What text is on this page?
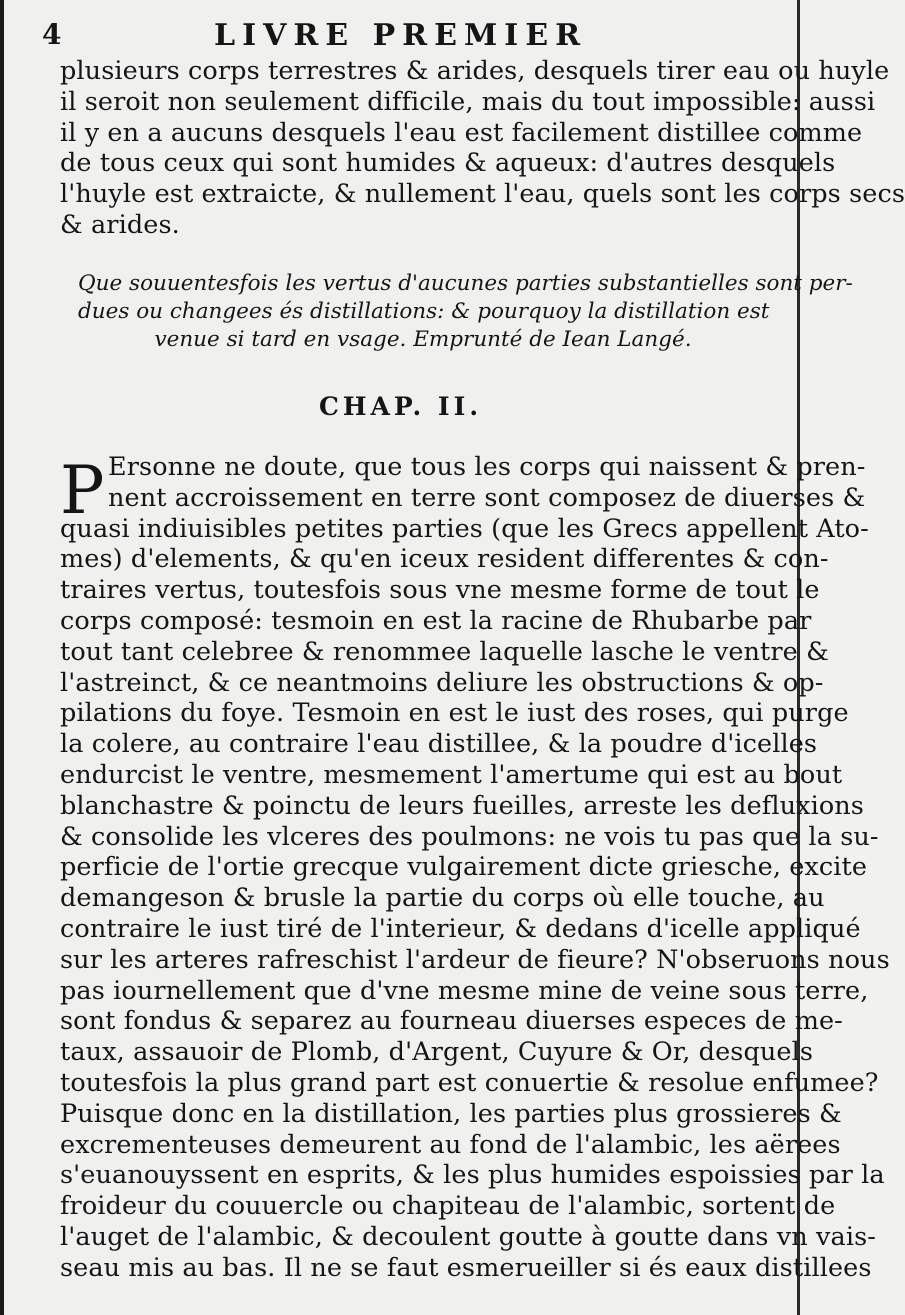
4	LIVRE PREMIER
plusieurs corps terrestres & arides, desquels tirer eau ou huyle
il seroit non seulement difficile, mais du tout impossible: aussi
il y en a aucuns desquels l'eau est facilement distillee comme
de tous ceux qui sont humides & aqueux: d'autres desquels
l'huyle est extraicte, & nullement l'eau, quels sont les corps secs
& arides.
Que souuentesfois les vertus d'aucunes parties substantielles sont per-
dues ou changees és distillations: & pourquoy la distillation est
venue si tard en vsage. Emprunté de Iean Langé.
CHAP. II.
P Ersonne ne doute, que tous les corps qui naissent & pren-
nent accroissement en terre sont composez de diuerses &
quasi indiuisibles petites parties (que les Grecs appellent Ato-
mes) d'elements, & qu'en iceux resident differentes & con-
traires vertus, toutesfois sous vne mesme forme de tout le
corps composé: tesmoin en est la racine de Rhubarbe par
tout tant celebree & renommee laquelle lasche le ventre &
l'astreinct, & ce neantmoins deliure les obstructions & op-
pilations du foye. Tesmoin en est le iust des roses, qui purge
la colere, au contraire l'eau distillee, & la poudre d'icelles
endurcist le ventre, mesmement l'amertume qui est au bout
blanchastre & poinctu de leurs fueilles, arreste les defluxions
& consolide les vlceres des poulmons: ne vois tu pas que la su-
perficie de l'ortie grecque vulgairement dicte griesche, excite
demangeson & brusle la partie du corps où elle touche, au
contraire le iust tiré de l'interieur, & dedans d'icelle appliqué
sur les arteres rafreschist l'ardeur de fieure? N'obseruons nous
pas iournellement que d'vne mesme mine de veine sous terre,
sont fondus & separez au fourneau diuerses especes de me-
taux, assauoir de Plomb, d'Argent, Cuyure & Or, desquels
toutesfois la plus grand part est conuertie & resolue enfumee?
Puisque donc en la distillation, les parties plus grossieres &
excrementeuses demeurent au fond de l'alambic, les aërees
s'euanouyssent en esprits, & les plus humides espoissies par la
froideur du couuercle ou chapiteau de l'alambic, sortent de
l'auget de l'alambic, & decoulent goutte à goutte dans vn vais-
seau mis au bas. Il ne se faut esmerueiller si és eaux distillees
